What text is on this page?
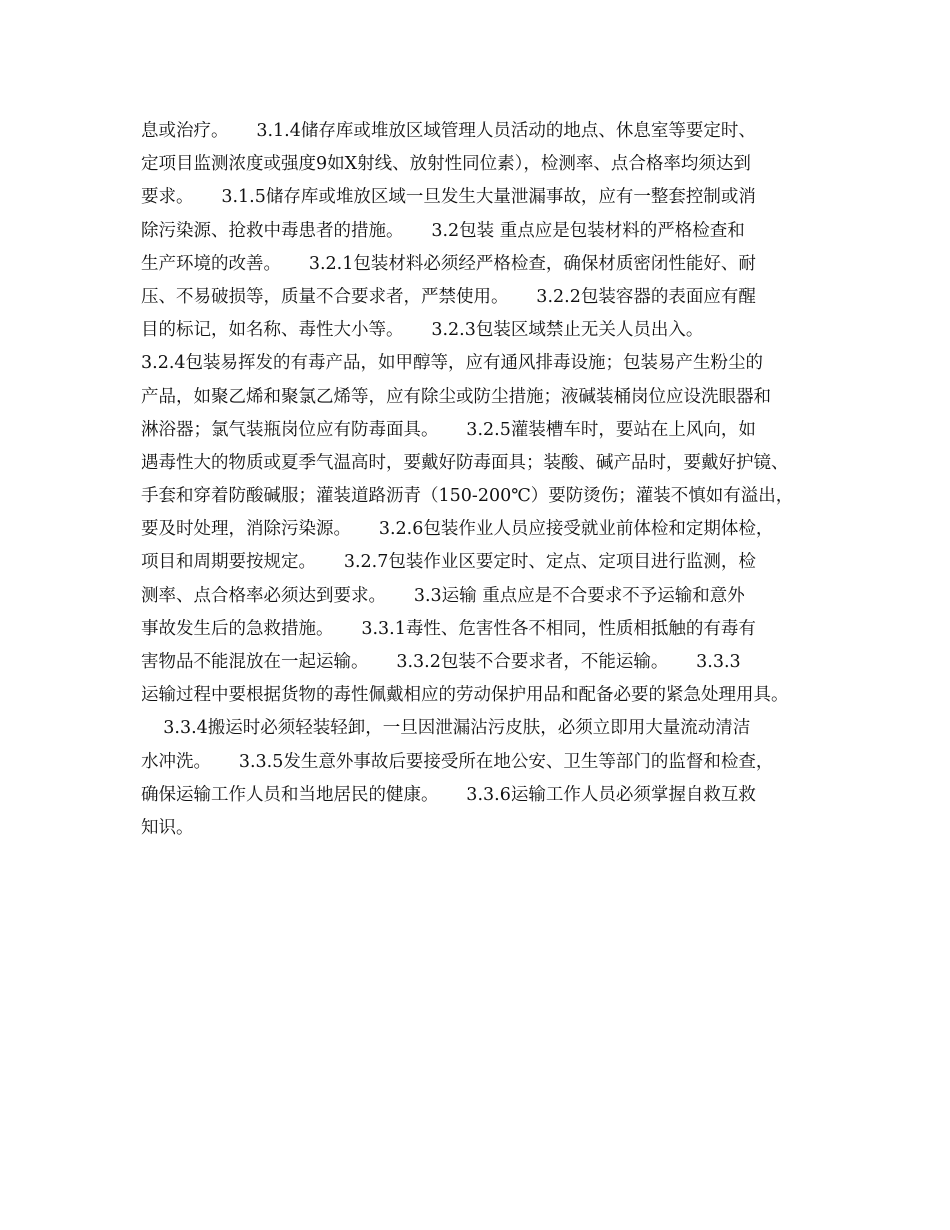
息或治疗。     3.1.4储存库或堆放区域管理人员活动的地点、休息室等要定时、
定项目监测浓度或强度9如X射线、放射性同位素），检测率、点合格率均须达到
要求。     3.1.5储存库或堆放区域一旦发生大量泄漏事故，应有一整套控制或消
除污染源、抢救中毒患者的措施。     3.2包装 重点应是包装材料的严格检查和
生产环境的改善。     3.2.1包装材料必须经严格检查，确保材质密闭性能好、耐
压、不易破损等，质量不合要求者，严禁使用。     3.2.2包装容器的表面应有醒
目的标记，如名称、毒性大小等。     3.2.3包装区域禁止无关人员出入。
3.2.4包装易挥发的有毒产品，如甲醇等，应有通风排毒设施；包装易产生粉尘的
产品，如聚乙烯和聚氯乙烯等，应有除尘或防尘措施；液碱装桶岗位应设洗眼器和
淋浴器；氯气装瓶岗位应有防毒面具。     3.2.5灌装槽车时，要站在上风向，如
遇毒性大的物质或夏季气温高时，要戴好防毒面具；装酸、碱产品时，要戴好护镜、
手套和穿着防酸碱服；灌装道路沥青（150-200℃）要防烫伤；灌装不慎如有溢出，
要及时处理，消除污染源。     3.2.6包装作业人员应接受就业前体检和定期体检，
项目和周期要按规定。     3.2.7包装作业区要定时、定点、定项目进行监测，检
测率、点合格率必须达到要求。     3.3运输 重点应是不合要求不予运输和意外
事故发生后的急救措施。     3.3.1毒性、危害性各不相同，性质相抵触的有毒有
害物品不能混放在一起运输。     3.3.2包装不合要求者，不能运输。     3.3.3
运输过程中要根据货物的毒性佩戴相应的劳动保护用品和配备必要的紧急处理用具。
3.3.4搬运时必须轻装轻卸，一旦因泄漏沾污皮肤，必须立即用大量流动清洁
水冲洗。     3.3.5发生意外事故后要接受所在地公安、卫生等部门的监督和检查，
确保运输工作人员和当地居民的健康。     3.3.6运输工作人员必须掌握自救互救
知识。
